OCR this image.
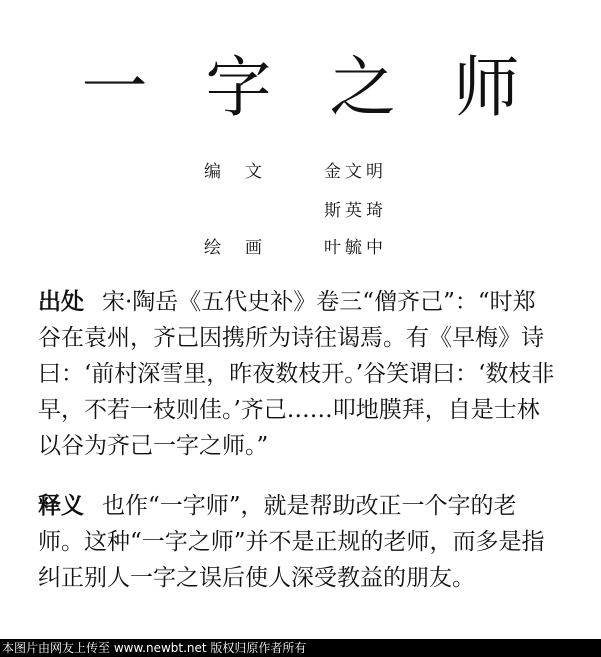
一字之师
编文 金文明
斯英琦
绘画 叶毓中

出处 宋·陶岳《五代史补》卷三“僧齐己”：“时郑谷在袁州，齐己因携所为诗往谒焉。有《早梅》诗曰：‘前村深雪里，昨夜数枝开。’谷笑谓曰：‘数枝非早，不若一枝则佳。’齐己……叩地膜拜，自是士林以谷为齐己一字之师。”

释义 也作“一字师”，就是帮助改正一个字的老师。这种“一字之师”并不是正规的老师，而多是指纠正别人一字之误后使人深受教益的朋友。

本图片由网友上传至 www.newbt.net 版权归原作者所有
